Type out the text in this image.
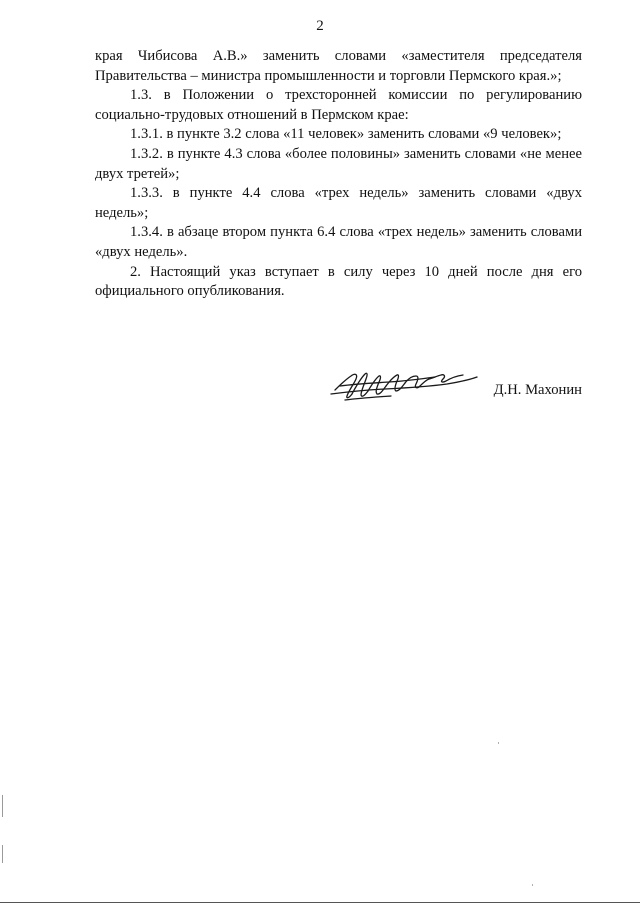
2

края Чибисова А.В.» заменить словами «заместителя председателя Правительства – министра промышленности и торговли Пермского края.»;

1.3. в Положении о трехсторонней комиссии по регулированию социально-трудовых отношений в Пермском крае:

1.3.1. в пункте 3.2 слова «11 человек» заменить словами «9 человек»;

1.3.2. в пункте 4.3 слова «более половины» заменить словами «не менее двух третей»;

1.3.3. в пункте 4.4 слова «трех недель» заменить словами «двух недель»;

1.3.4. в абзаце втором пункта 6.4 слова «трех недель» заменить словами «двух недель».

2. Настоящий указ вступает в силу через 10 дней после дня его официального опубликования.

Д.Н. Махонин
